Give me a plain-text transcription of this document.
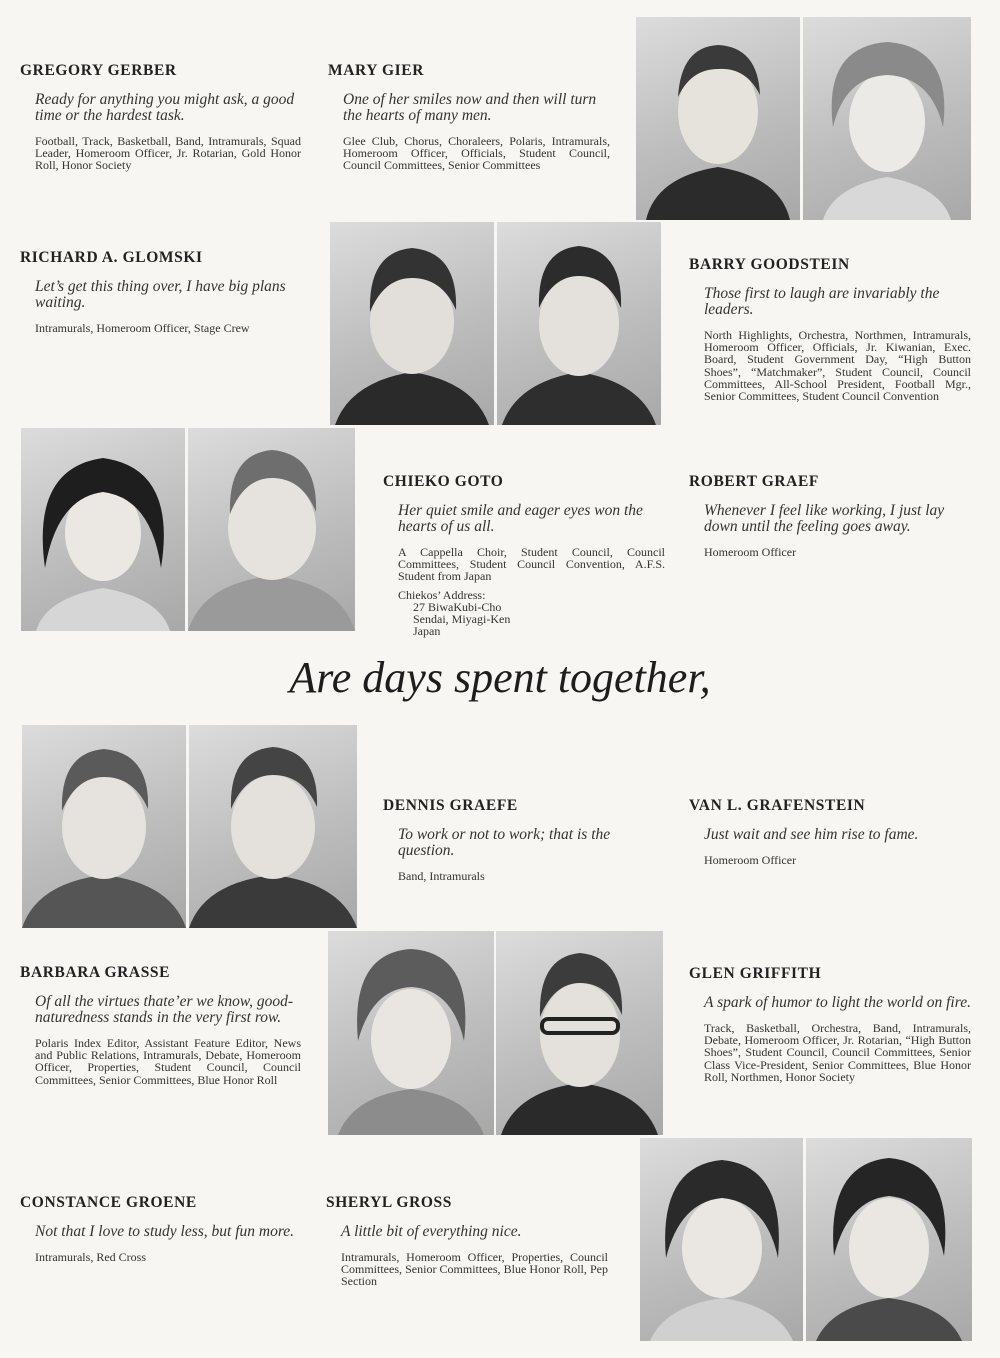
GREGORY GERBER
Ready for anything you might ask, a good time or the hardest task.
Football, Track, Basketball, Band, Intramurals, Squad Leader, Homeroom Officer, Jr. Rotarian, Gold Honor Roll, Honor Society
MARY GIER
One of her smiles now and then will turn the hearts of many men.
Glee Club, Chorus, Choraleers, Polaris, Intramurals, Homeroom Officer, Officials, Student Council, Council Committees, Senior Committees
RICHARD A. GLOMSKI
Let’s get this thing over, I have big plans waiting.
Intramurals, Homeroom Officer, Stage Crew
BARRY GOODSTEIN
Those first to laugh are invariably the leaders.
North Highlights, Orchestra, Northmen, Intramurals, Homeroom Officer, Officials, Jr. Kiwanian, Exec. Board, Student Government Day, “High Button Shoes”, “Matchmaker”, Student Council, Council Committees, All-School President, Football Mgr., Senior Committees, Student Council Convention
CHIEKO GOTO
Her quiet smile and eager eyes won the hearts of us all.
A Cappella Choir, Student Council, Council Committees, Student Council Convention, A.F.S. Student from Japan
Chiekos’ Address:
27 BiwaKubi-Cho
Sendai, Miyagi-Ken
Japan
ROBERT GRAEF
Whenever I feel like working, I just lay down until the feeling goes away.
Homeroom Officer
Are days spent together,
DENNIS GRAEFE
To work or not to work; that is the question.
Band, Intramurals
VAN L. GRAFENSTEIN
Just wait and see him rise to fame.
Homeroom Officer
BARBARA GRASSE
Of all the virtues thate’er we know, good-naturedness stands in the very first row.
Polaris Index Editor, Assistant Feature Editor, News and Public Relations, Intramurals, Debate, Homeroom Officer, Properties, Student Council, Council Committees, Senior Committees, Blue Honor Roll
GLEN GRIFFITH
A spark of humor to light the world on fire.
Track, Basketball, Orchestra, Band, Intramurals, Debate, Homeroom Officer, Jr. Rotarian, “High Button Shoes”, Student Council, Council Committees, Senior Class Vice-President, Senior Committees, Blue Honor Roll, Northmen, Honor Society
CONSTANCE GROENE
Not that I love to study less, but fun more.
Intramurals, Red Cross
SHERYL GROSS
A little bit of everything nice.
Intramurals, Homeroom Officer, Properties, Council Committees, Senior Committees, Blue Honor Roll, Pep Section
